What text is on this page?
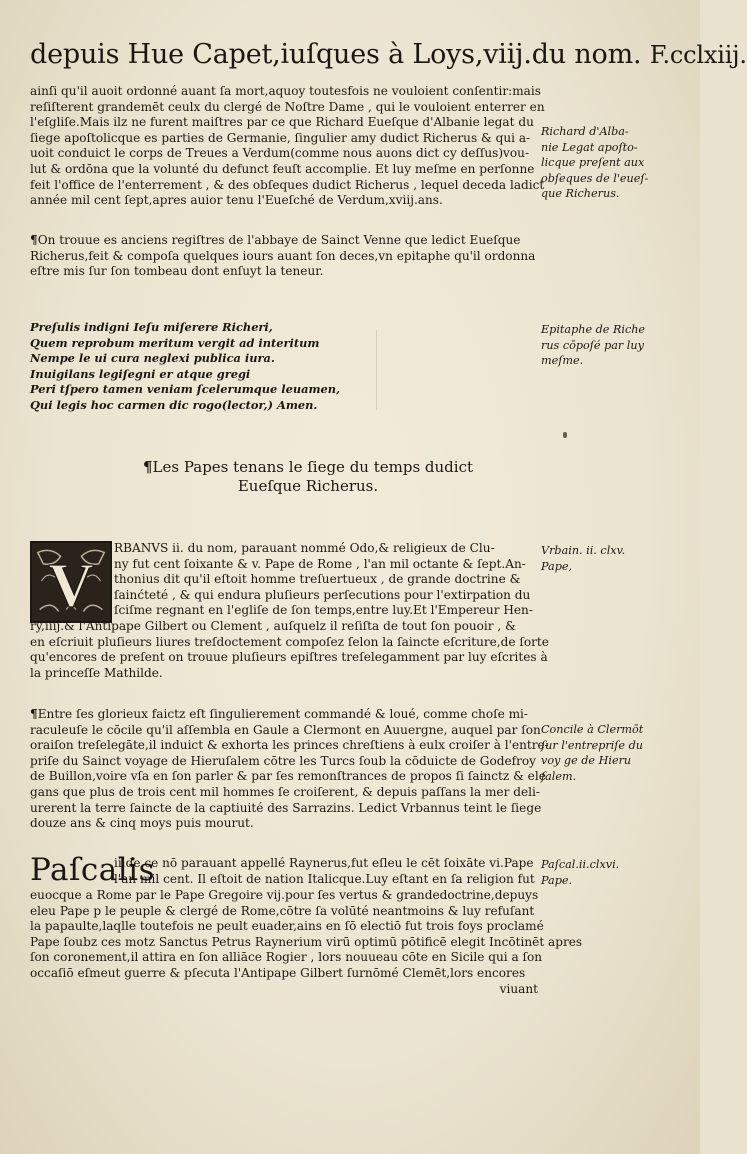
depuis Hue Capet,iuſques à Loys,viij.du nom. F.cclxiij.
ainſi qu'il auoit ordonné auant ſa mort,aquoy toutesfois ne vouloient conſentir:mais
reſiſterent grandemēt ceulx du clergé de Noſtre Dame , qui le vouloient enterrer en
l'eſgliſe.Mais ilz ne furent maiſtres par ce que Richard Eueſque d'Albanie legat du
ſiege apoſtolicque es parties de Germanie, ſingulier amy dudict Richerus & qui a-
uoit conduict le corps de Treues a Verdum(comme nous auons dict cy deſſus)vou-
lut & ordōna que la volunté du defunct feuſt accomplie. Et luy meſme en perſonne
feit l'office de l'enterrement , & des obſeques dudict Richerus , lequel deceda ladict
année mil cent ſept,apres auior tenu l'Eueſché de Verdum,xviij.ans.
Richard d'Alba-
nie Legat apoſto-
licque preſent aux
obſeques de l'eueſ-
que Richerus.
¶On trouue es anciens regiſtres de l'abbaye de Sainct Venne que ledict Eueſque
Richerus,feit & compoſa quelques iours auant ſon deces,vn epitaphe qu'il ordonna
eſtre mis ſur ſon tombeau dont enſuyt la teneur.
Preſulis indigni Ieſu miſerere Richeri,
Quem reprobum meritum vergit ad interitum
Nempe le ui cura neglexi publica iura.
Inuigilans legiſegni er atque gregi
Peri tſpero tamen veniam ſcelerumque leuamen,
Qui legis hoc carmen dic rogo(lector,) Amen.
Epitaphe de Riche
rus cōpoſé par luy
meſme.
¶Les Papes tenans le ſiege du temps dudict
Eueſque Richerus.
V
RBANVS ii. du nom, parauant nommé Odo,& religieux de Clu-
ny fut cent ſoixante & v. Pape de Rome , l'an mil octante & ſept.An-
thonius dit qu'il eſtoit homme treſuertueux , de grande doctrine &
ſainćteté , & qui endura pluſieurs perſecutions pour l'extirpation du
ſciſme regnant en l'egliſe de ſon temps,entre luy.Et l'Empereur Hen-
ry,iiij.& l'Antipape Gilbert ou Clement , auſquelz il reſiſta de tout ſon pouoir , &
en eſcriuit pluſieurs liures treſdoctement compoſez ſelon la ſaincte eſcriture,de ſorte
qu'encores de preſent on trouue pluſieurs epiſtres treſelegamment par luy eſcrites à
la princeſſe Mathilde.
Vrbain. ii. clxv.
Pape,
¶Entre ſes glorieux faictz eſt ſingulierement commandé & loué, comme choſe mi-
raculeuſe le cōcile qu'il aſſembla en Gaule a Clermont en Auuergne, auquel par ſon
oraiſon treſelegāte,il induict & exhorta les princes chreſtiens à eulx croiſer à l'entre-
priſe du Sainct voyage de Hieruſalem cōtre les Turcs ſoub la cōduicte de Godefroy
de Buillon,voire vſa en ſon parler & par ſes remonſtrances de propos ſi ſainctz & ele
gans que plus de trois cent mil hommes ſe croiſerent, & depuis paſſans la mer deli-
urerent la terre ſaincte de la captiuité des Sarrazins. Ledict Vrbannus teint le ſiege
douze ans & cinq moys puis mourut.
Concile à Clermōt
ſur l'entrepriſe du
voy ge de Hieru
ſalem.
Paſcalis
ii.de ce nō parauant appellé Raynerus,fut eſleu le cēt ſoixāte vi.Pape
l'an mil cent. Il eſtoit de nation Italicque.Luy eſtant en ſa religion fut
euocque a Rome par le Pape Gregoire vij.pour ſes vertus & grandedoctrine,depuys
eleu Pape p le peuple & clergé de Rome,cōtre ſa volūté neantmoins & luy refuſant
la papaulte,laqlle toutefois ne peult euader,ains en ſō electiō fut trois foys proclamé
Pape ſoubz ces motz Sanctus Petrus Raynerium virū optimū pōtificē elegit Incōtinēt apres
ſon coronement,il attira en ſon alliāce Rogier , lors nouueau cōte en Sicile qui a ſon
occaſiō eſmeut guerre & pſecuta l'Antipape Gilbert ſurnōmé Clemēt,lors encores
viuant
Paſcal.ii.clxvi.
Pape.
